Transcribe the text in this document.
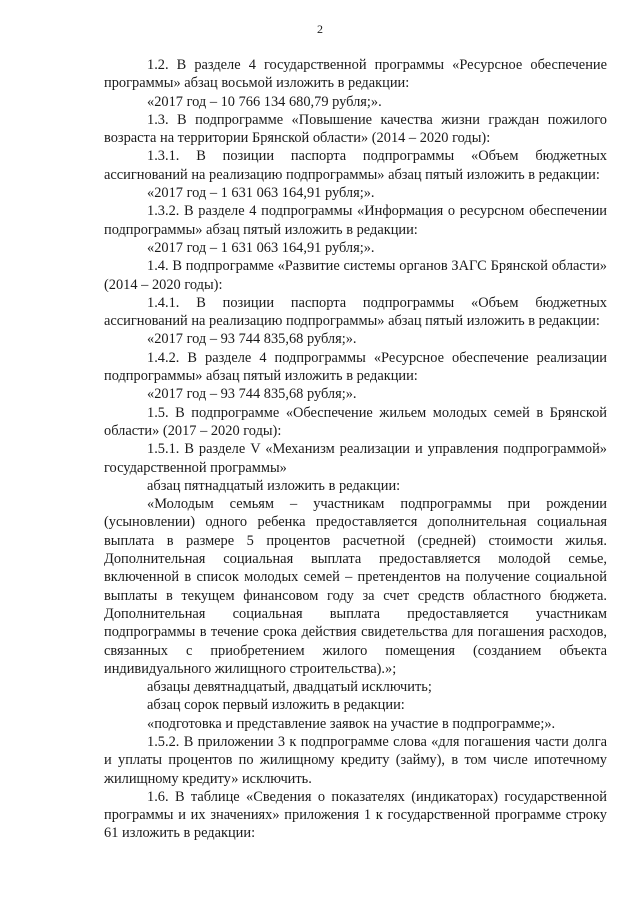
2

1.2. В разделе 4 государственной программы «Ресурсное обеспечение программы» абзац восьмой изложить в редакции:

«2017 год – 10 766 134 680,79 рубля;».

1.3. В подпрограмме «Повышение качества жизни граждан пожилого возраста на территории Брянской области» (2014 – 2020 годы):

1.3.1. В позиции паспорта подпрограммы «Объем бюджетных ассигнований на реализацию подпрограммы» абзац пятый изложить в редакции:

«2017 год – 1 631 063 164,91 рубля;».

1.3.2. В разделе 4 подпрограммы «Информация о ресурсном обеспечении подпрограммы» абзац пятый изложить в редакции:

«2017 год – 1 631 063 164,91 рубля;».

1.4. В подпрограмме «Развитие системы органов ЗАГС Брянской области» (2014 – 2020 годы):

1.4.1. В позиции паспорта подпрограммы «Объем бюджетных ассигнований на реализацию подпрограммы» абзац пятый изложить в редакции:

«2017 год – 93 744 835,68 рубля;».

1.4.2. В разделе 4 подпрограммы «Ресурсное обеспечение реализации подпрограммы» абзац пятый изложить в редакции:

«2017 год – 93 744 835,68 рубля;».

1.5. В подпрограмме «Обеспечение жильем молодых семей в Брянской области» (2017 – 2020 годы):

1.5.1. В разделе V «Механизм реализации и управления подпрограммой» государственной программы»

абзац пятнадцатый изложить в редакции:

«Молодым семьям – участникам подпрограммы при рождении (усыновлении) одного ребенка предоставляется дополнительная социальная выплата в размере 5 процентов расчетной (средней) стоимости жилья. Дополнительная социальная выплата предоставляется молодой семье, включенной в список молодых семей – претендентов на получение социальной выплаты в текущем финансовом году за счет средств областного бюджета. Дополнительная социальная выплата предоставляется участникам подпрограммы в течение срока действия свидетельства для погашения расходов, связанных с приобретением жилого помещения (созданием объекта индивидуального жилищного строительства).»;

абзацы девятнадцатый, двадцатый исключить;

абзац сорок первый изложить в редакции:

«подготовка и представление заявок на участие в подпрограмме;».

1.5.2. В приложении 3 к подпрограмме слова «для погашения части долга и уплаты процентов по жилищному кредиту (займу), в том числе ипотечному жилищному кредиту» исключить.

1.6. В таблице «Сведения о показателях (индикаторах) государственной программы и их значениях» приложения 1 к государственной программе строку 61 изложить в редакции:
